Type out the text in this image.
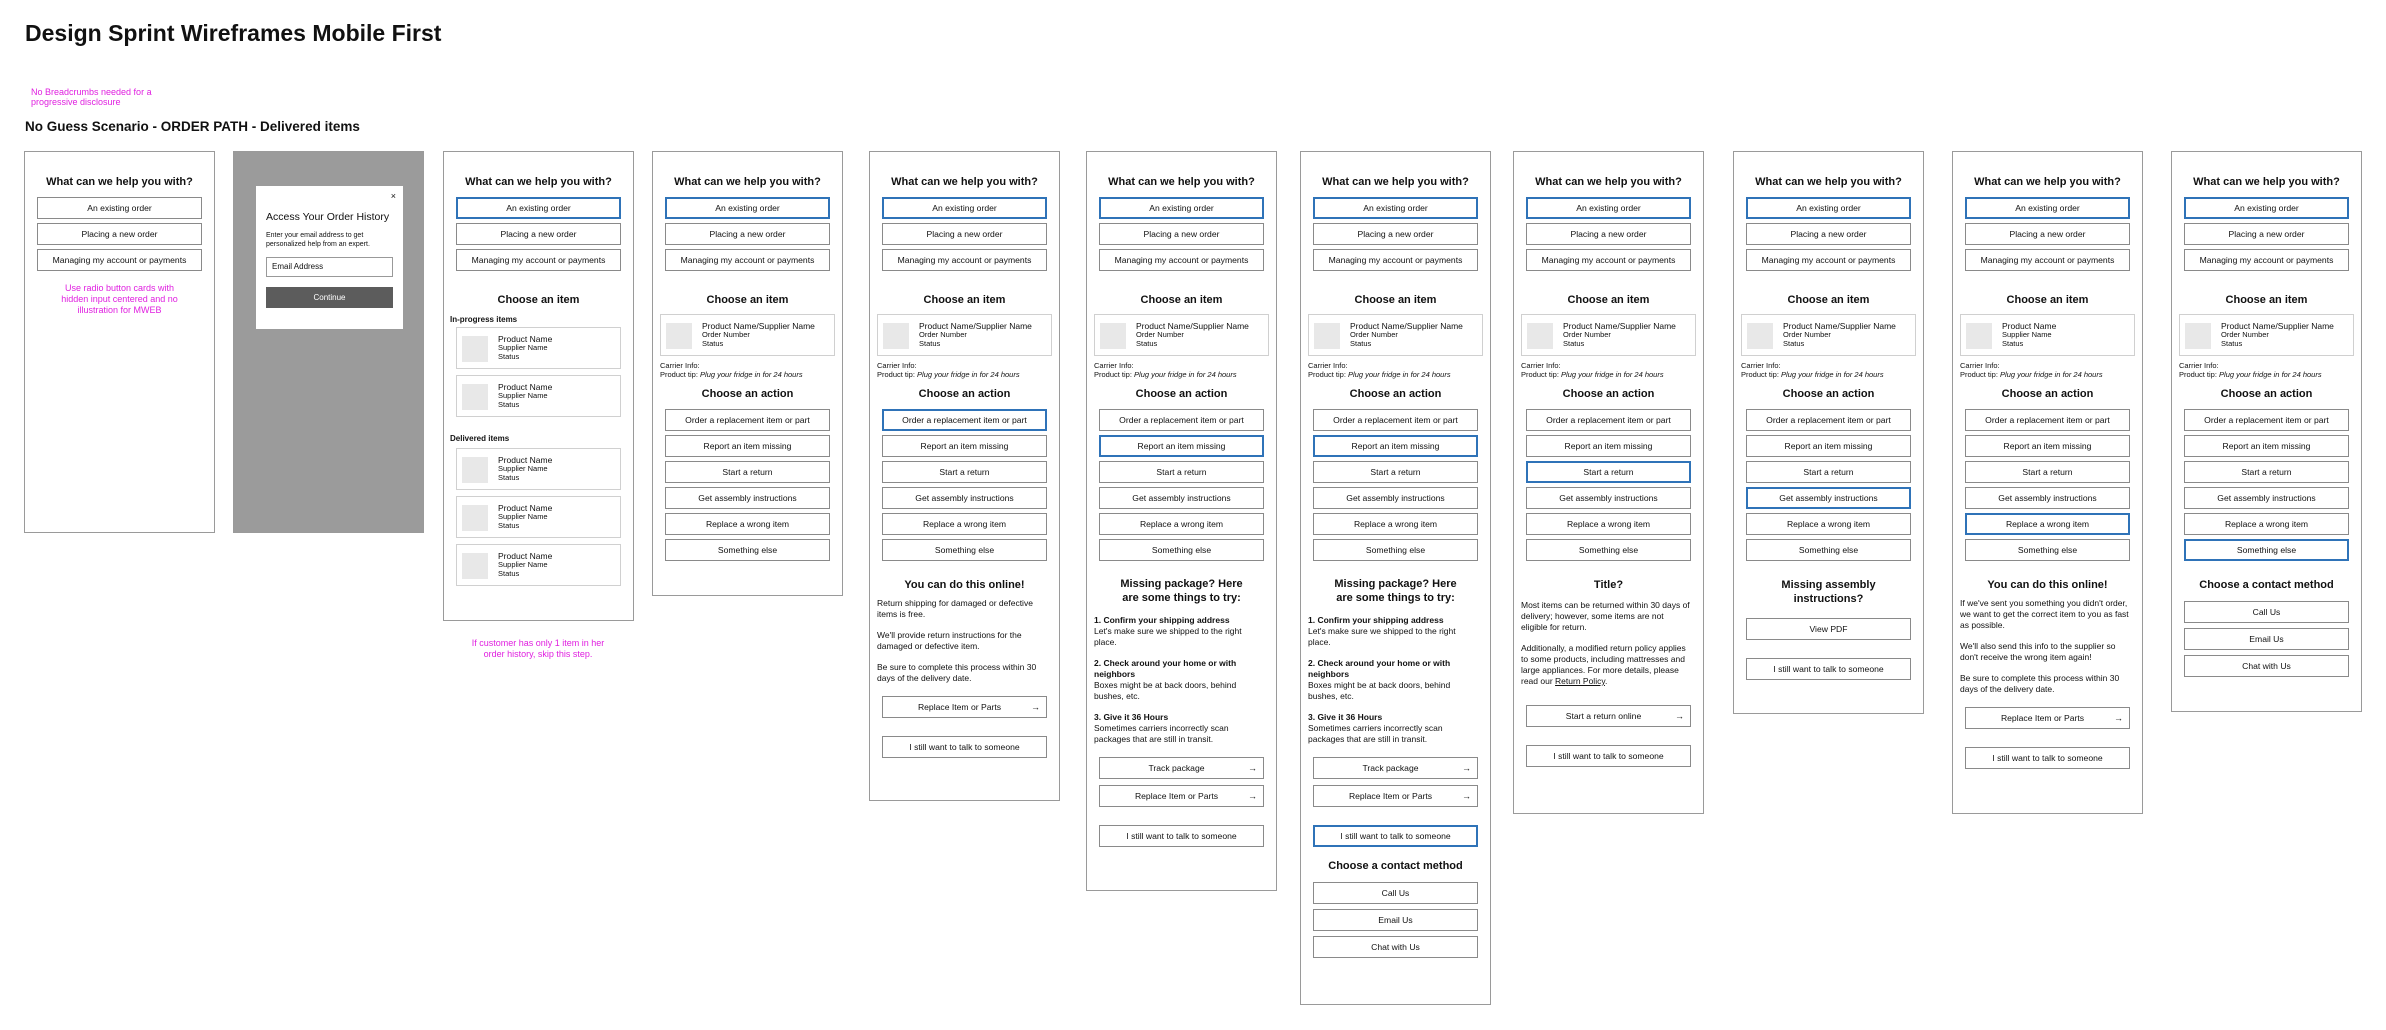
Design Sprint Wireframes Mobile First
No Breadcrumbs needed for a progressive disclosure
No Guess Scenario - ORDER PATH - Delivered items
What can we help you with?
An existing order
Placing a new order
Managing my account or payments
Use radio button cards with hidden input centered and no illustration for MWEB
×
Access Your Order History
Enter your email address to get personalized help from an expert.
Email Address
Continue
What can we help you with?
An existing order
Placing a new order
Managing my account or payments
Choose an item
In-progress items
Product Name
Supplier Name
Status
Product Name
Supplier Name
Status
Delivered items
Product Name
Supplier Name
Status
Product Name
Supplier Name
Status
Product Name
Supplier Name
Status
If customer has only 1 item in her order history, skip this step.
What can we help you with?
An existing order
Placing a new order
Managing my account or payments
Choose an item
Product Name/Supplier Name
Order Number
Status
Carrier Info:
Product tip: Plug your fridge in for 24 hours
Choose an action
Order a replacement item or part
Report an item missing
Start a return
Get assembly instructions
Replace a wrong item
Something else
What can we help you with?
An existing order
Placing a new order
Managing my account or payments
Choose an item
Product Name/Supplier Name
Order Number
Status
Carrier Info:
Product tip: Plug your fridge in for 24 hours
Choose an action
Order a replacement item or part
Report an item missing
Start a return
Get assembly instructions
Replace a wrong item
Something else
You can do this online!
Return shipping for damaged or defective items is free.
We'll provide return instructions for the damaged or defective item.
Be sure to complete this process within 30 days of the delivery date.
Replace Item or Parts →
I still want to talk to someone
What can we help you with?
An existing order
Placing a new order
Managing my account or payments
Choose an item
Product Name/Supplier Name
Order Number
Status
Carrier Info:
Product tip: Plug your fridge in for 24 hours
Choose an action
Order a replacement item or part
Report an item missing
Start a return
Get assembly instructions
Replace a wrong item
Something else
Missing package? Here are some things to try:
1. Confirm your shipping address
Let's make sure we shipped to the right place.
2. Check around your home or with neighbors
Boxes might be at back doors, behind bushes, etc.
3. Give it 36 Hours
Sometimes carriers incorrectly scan packages that are still in transit.
Track package →
Replace Item or Parts →
I still want to talk to someone
What can we help you with?
An existing order
Placing a new order
Managing my account or payments
Choose an item
Product Name/Supplier Name
Order Number
Status
Carrier Info:
Product tip: Plug your fridge in for 24 hours
Choose an action
Order a replacement item or part
Report an item missing
Start a return
Get assembly instructions
Replace a wrong item
Something else
Missing package? Here are some things to try:
1. Confirm your shipping address
Let's make sure we shipped to the right place.
2. Check around your home or with neighbors
Boxes might be at back doors, behind bushes, etc.
3. Give it 36 Hours
Sometimes carriers incorrectly scan packages that are still in transit.
Track package →
Replace Item or Parts →
I still want to talk to someone
Choose a contact method
Call Us
Email Us
Chat with Us
What can we help you with?
An existing order
Placing a new order
Managing my account or payments
Choose an item
Product Name/Supplier Name
Order Number
Status
Carrier Info:
Product tip: Plug your fridge in for 24 hours
Choose an action
Order a replacement item or part
Report an item missing
Start a return
Get assembly instructions
Replace a wrong item
Something else
Title?
Most items can be returned within 30 days of delivery; however, some items are not eligible for return.
Additionally, a modified return policy applies to some products, including mattresses and large appliances. For more details, please read our Return Policy.
Start a return online →
I still want to talk to someone
What can we help you with?
An existing order
Placing a new order
Managing my account or payments
Choose an item
Product Name/Supplier Name
Order Number
Status
Carrier Info:
Product tip: Plug your fridge in for 24 hours
Choose an action
Order a replacement item or part
Report an item missing
Start a return
Get assembly instructions
Replace a wrong item
Something else
Missing assembly instructions?
View PDF
I still want to talk to someone
What can we help you with?
An existing order
Placing a new order
Managing my account or payments
Choose an item
Product Name
Supplier Name
Status
Carrier Info:
Product tip: Plug your fridge in for 24 hours
Choose an action
Order a replacement item or part
Report an item missing
Start a return
Get assembly instructions
Replace a wrong item
Something else
You can do this online!
If we've sent you something you didn't order, we want to get the correct item to you as fast as possible.
We'll also send this info to the supplier so don't receive the wrong item again!
Be sure to complete this process within 30 days of the delivery date.
Replace Item or Parts →
I still want to talk to someone
What can we help you with?
An existing order
Placing a new order
Managing my account or payments
Choose an item
Product Name/Supplier Name
Order Number
Status
Carrier Info:
Product tip: Plug your fridge in for 24 hours
Choose an action
Order a replacement item or part
Report an item missing
Start a return
Get assembly instructions
Replace a wrong item
Something else
Choose a contact method
Call Us
Email Us
Chat with Us
